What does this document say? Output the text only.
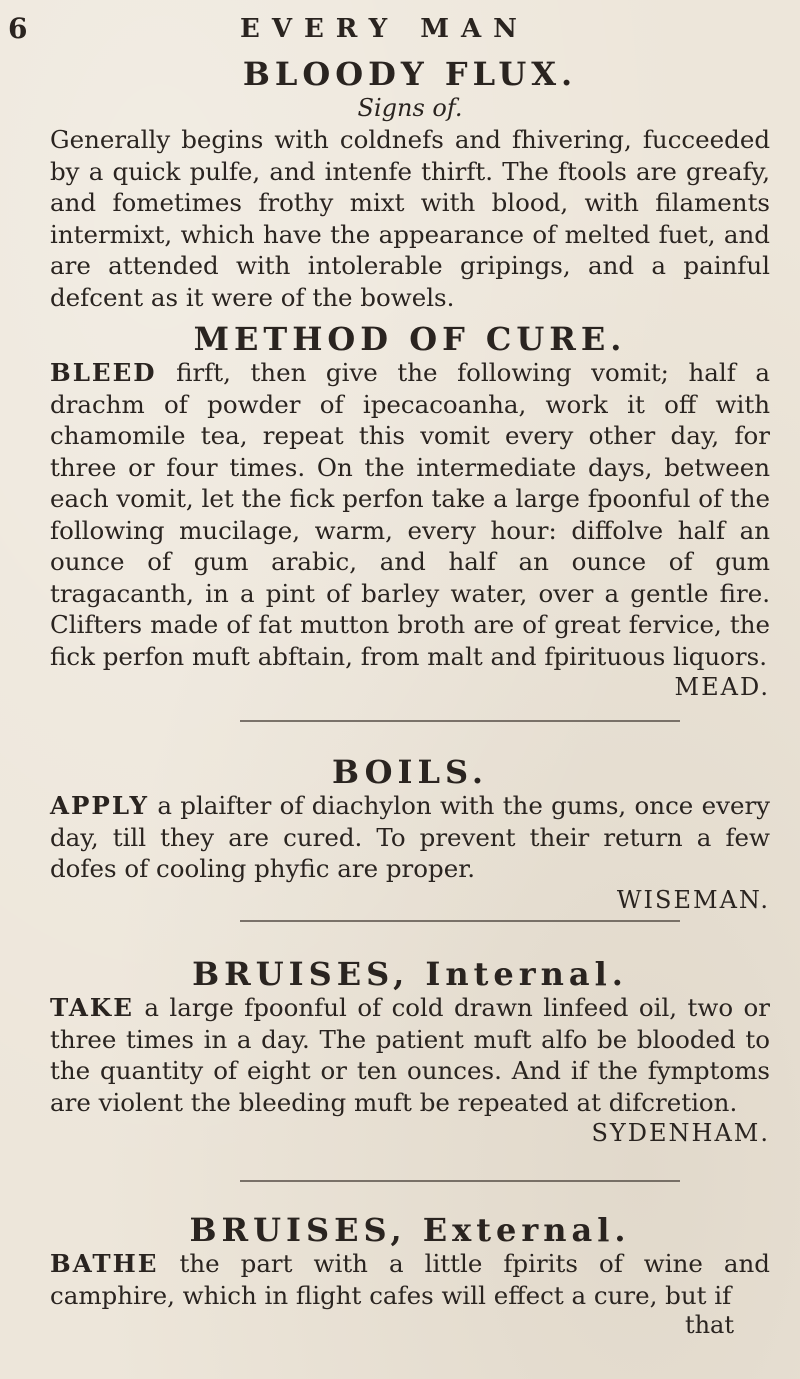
6	EVERY MAN

BLOODY FLUX.

Signs of.

Generally begins with coldnefs and fhivering, fucceeded by a quick pulfe, and intenfe thirft. The ftools are greafy, and fometimes frothy mixt with blood, with filaments intermixt, which have the appearance of melted fuet, and are attended with intolerable gripings, and a painful defcent as it were of the bowels.

METHOD OF CURE.

BLEED firft, then give the following vomit; half a drachm of powder of ipecacoanha, work it off with chamomile tea, repeat this vomit every other day, for three or four times. On the intermediate days, between each vomit, let the fick perfon take a large fpoonful of the following mucilage, warm, every hour: diffolve half an ounce of gum arabic, and half an ounce of gum tragacanth, in a pint of barley water, over a gentle fire. Clifters made of fat mutton broth are of great fervice, the fick perfon muft abftain, from malt and fpirituous liquors.

MEAD.

BOILS.

APPLY a plaifter of diachylon with the gums, once every day, till they are cured. To prevent their return a few dofes of cooling phyfic are proper.

WISEMAN.

BRUISES, Internal.

TAKE a large fpoonful of cold drawn linfeed oil, two or three times in a day. The patient muft alfo be blooded to the quantity of eight or ten ounces. And if the fymptoms are violent the bleeding muft be repeated at difcretion.

SYDENHAM.

BRUISES, External.

BATHE the part with a little fpirits of wine and camphire, which in flight cafes will effect a cure, but if

that
